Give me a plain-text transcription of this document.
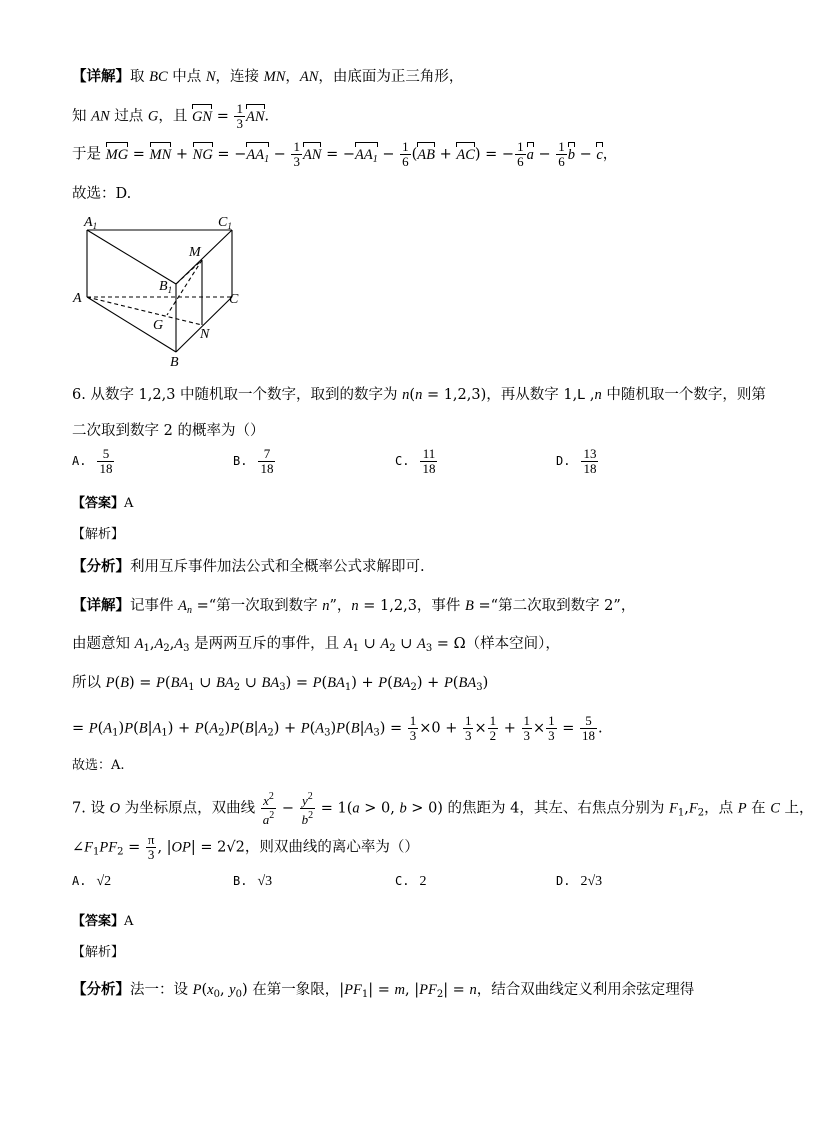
【详解】取 BC 中点 N，连接 MN，AN，由底面为正三角形，
知 AN 过点 G，且 GN = $\frac{1}{3}$ AN．
于是 MG = MN + NG = $-AA_1 - \frac{1}{3}$ AN = $-AA_1 - \frac{1}{6} (AB + AC)$ = − $\frac{1}{6}$ $a - \frac{1}{6}$ b − c，
故选：D.
$A_1$	$C_1$
M
$B_1$
A	C
G
N
B
6. 从数字 1,2,3 中随机取一个数字，取到的数字为 n(n = 1,2,3)，再从数字 1,L ,n 中随机取一个数字，则第
二次取到数字 2 的概率为（）
A. $\frac{5}{18}$	B. $\frac{7}{18}$	C. $\frac{11}{18}$	D. $\frac{13}{18}$
【答案】A
【解析】
【分析】利用互斥事件加法公式和全概率公式求解即可.
【详解】记事件 $A_n$ =“第一次取到数字 n”，n = 1,2,3，事件 B =“第二次取到数字 2”，
由题意知 $A_1,A_2,A_3$ 是两两互斥的事件，且 $A_1$ ∪ $A_2$ ∪ $A_3 = \Omega$（样本空间），
所以 $P(B) = P(BA_1$ ∪ $BA_2$ ∪ $BA_3) = P(BA_1) + P(BA_2) + P(BA_3)$
= $P(A_1)P(B|A_1) + P(A_2)P(B|A_2) + P(A_3)P(B|A_3) = \frac{1}{3} \times 0 + \frac{1}{3} \times \frac{1}{2} + \frac{1}{3} \times \frac{1}{3} = \frac{5}{18}$ .
故选：A.
7. 设 O 为坐标原点，双曲线 $\frac{x^2}{a^2} - \frac{y^2}{b^2} = 1(a > 0$, b > 0) 的焦距为 4，其左、右焦点分别为 $F_1,F_2$，点 P 在 C 上，
$\angle F_1PF_2 = \frac{\pi}{3}$ , |OP| = 2√2，则双曲线的离心率为（）
A. √2	B. √3	C. 2	D. 2√3
【答案】A
【解析】
【分析】法一：设 $P(x_0$, $y_0$) 在第一象限，$|PF_1| = m$, $|PF_2| = n$，结合双曲线定义利用余弦定理得
